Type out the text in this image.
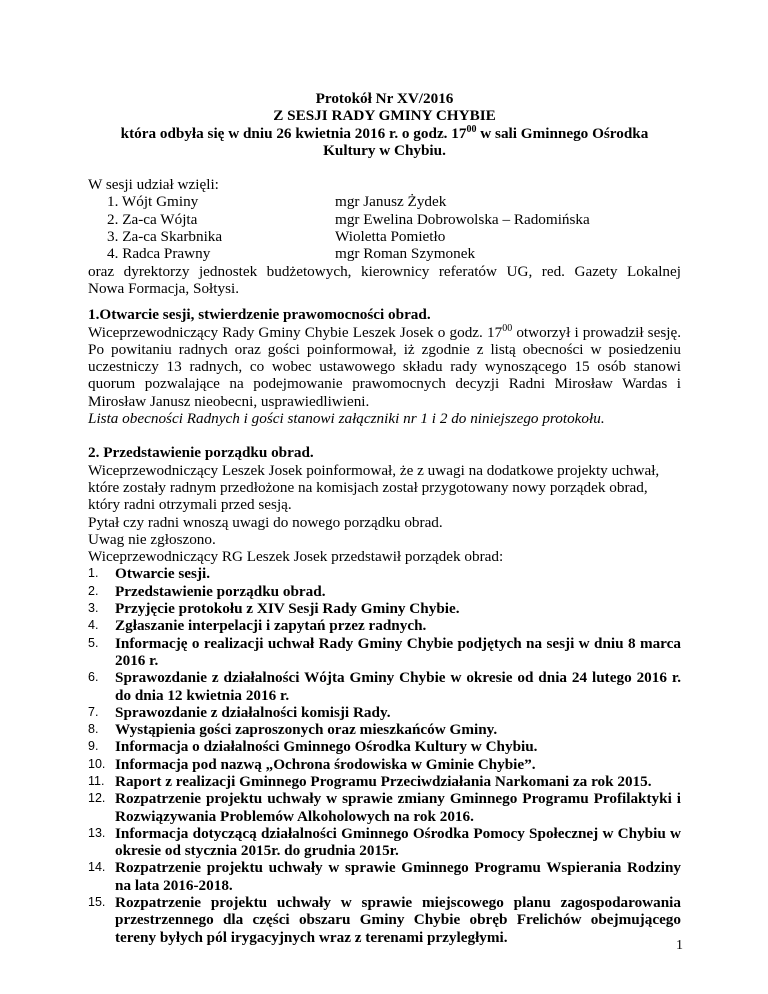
Protokół Nr XV/2016

Z SESJI RADY GMINY CHYBIE

która odbyła się w dniu 26 kwietnia 2016 r. o godz. $17^{00}$ w sali Gminnego Ośrodka

Kultury w Chybiu.

W sesji udział wzięli:

1. Wójt Gminy	mgr Janusz Żydek
2. Za-ca Wójta	mgr Ewelina Dobrowolska – Radomińska
3. Za-ca Skarbnika	Wioletta Pomietło
4. Radca Prawny	mgr Roman Szymonek

oraz dyrektorzy jednostek budżetowych, kierownicy referatów UG, red. Gazety Lokalnej

Nowa Formacja, Sołtysi.

1.Otwarcie sesji, stwierdzenie prawomocności obrad.

Wiceprzewodniczący Rady Gminy Chybie Leszek Josek o godz. $17^{00}$ otworzył i prowadził sesję. Po powitaniu radnych oraz gości poinformował, iż zgodnie z listą obecności w posiedzeniu uczestniczy 13 radnych, co wobec ustawowego składu rady wynoszącego 15 osób stanowi quorum pozwalające na podejmowanie prawomocnych decyzji Radni Mirosław Wardas i Mirosław Janusz nieobecni, usprawiedliwieni.

Lista obecności Radnych i gości stanowi załączniki nr 1 i 2 do niniejszego protokołu.

2. Przedstawienie porządku obrad.

Wiceprzewodniczący Leszek Josek poinformował, że z uwagi na dodatkowe projekty uchwał, które zostały radnym przedłożone na komisjach został przygotowany nowy porządek obrad, który radni otrzymali przed sesją.

Pytał czy radni wnoszą uwagi do nowego porządku obrad.

Uwag nie zgłoszono.

Wiceprzewodniczący RG Leszek Josek przedstawił porządek obrad:

1.	Otwarcie sesji.
2.	Przedstawienie porządku obrad.
3.	Przyjęcie protokołu z XIV Sesji Rady Gminy Chybie.
4.	Zgłaszanie interpelacji i zapytań przez radnych.
5.	Informację o realizacji uchwał Rady Gminy Chybie podjętych na sesji w dniu 8 marca 2016 r.
6.	Sprawozdanie z działalności Wójta Gminy Chybie w okresie od dnia 24 lutego 2016 r. do dnia 12 kwietnia 2016 r.
7.	Sprawozdanie z działalności komisji Rady.
8.	Wystąpienia gości zaproszonych oraz mieszkańców Gminy.
9.	Informacja o działalności Gminnego Ośrodka Kultury w Chybiu.
10. Informacja pod nazwą „Ochrona środowiska w Gminie Chybie”.
11. Raport z realizacji Gminnego Programu Przeciwdziałania Narkomani za rok 2015.
12. Rozpatrzenie projektu uchwały w sprawie zmiany Gminnego Programu Profilaktyki i Rozwiązywania Problemów Alkoholowych na rok 2016.
13. Informacja dotyczącą działalności Gminnego Ośrodka Pomocy Społecznej w Chybiu w okresie od stycznia 2015r. do grudnia 2015r.
14. Rozpatrzenie projektu uchwały w sprawie Gminnego Programu Wspierania Rodziny na lata 2016-2018.
15. Rozpatrzenie projektu uchwały w sprawie miejscowego planu zagospodarowania przestrzennego dla części obszaru Gminy Chybie obręb Frelichów obejmującego tereny byłych pól irygacyjnych wraz z terenami przyległymi.	1
